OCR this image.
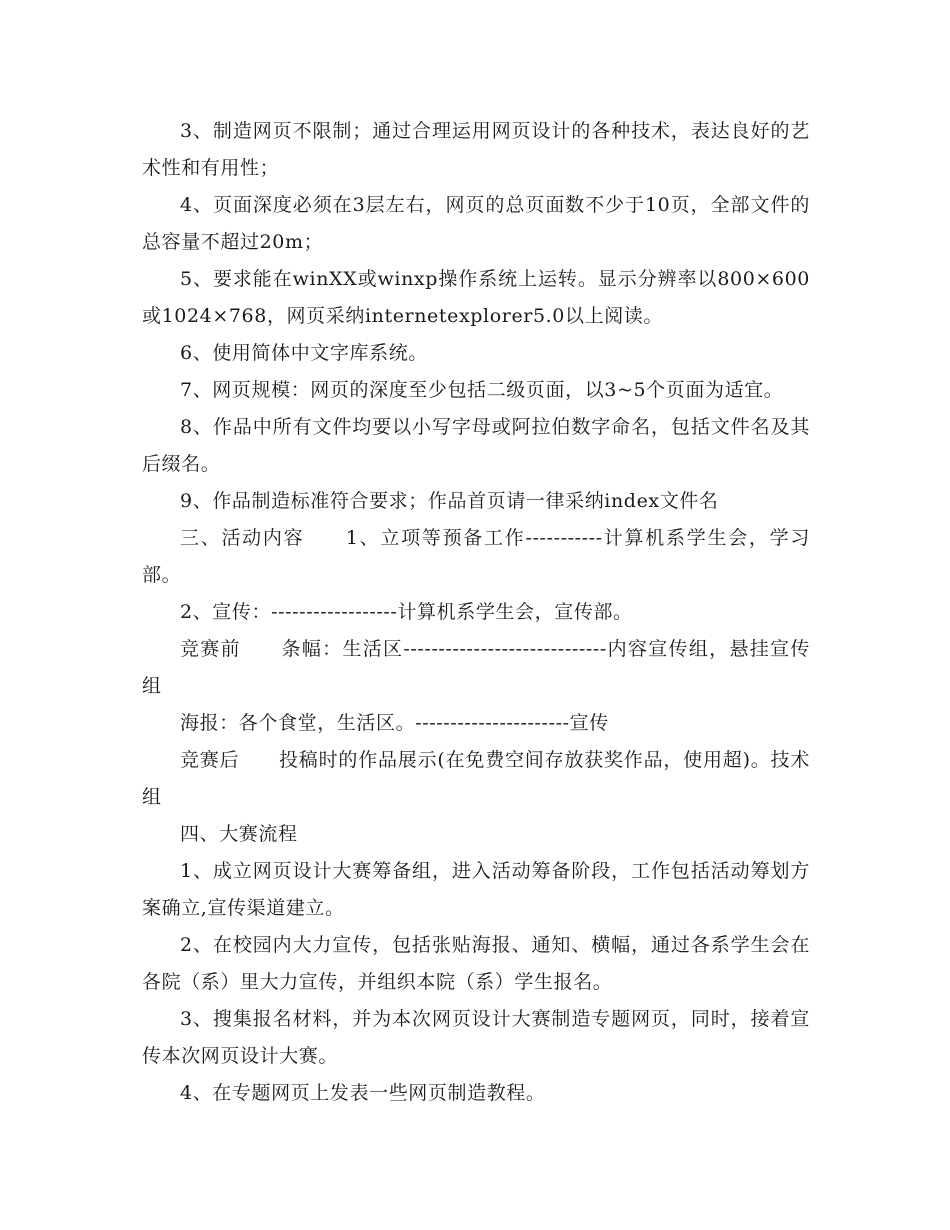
3、制造网页不限制；通过合理运用网页设计的各种技术，表达良好的艺术性和有用性；

4、页面深度必须在3层左右，网页的总页面数不少于10页，全部文件的总容量不超过20m；

5、要求能在winXX或winxp操作系统上运转。显示分辨率以800×600或1024×768，网页采纳internetexplorer5.0以上阅读。

6、使用简体中文字库系统。

7、网页规模：网页的深度至少包括二级页面，以3~5个页面为适宜。

8、作品中所有文件均要以小写字母或阿拉伯数字命名，包括文件名及其后缀名。

9、作品制造标准符合要求；作品首页请一律采纳index文件名

三、活动内容　　1、立项等预备工作-----------计算机系学生会，学习部。

2、宣传：------------------计算机系学生会，宣传部。

竞赛前　　条幅：生活区-----------------------------内容宣传组，悬挂宣传组

海报：各个食堂，生活区。----------------------宣传

竞赛后　　投稿时的作品展示(在免费空间存放获奖作品，使用超)。技术组

四、大赛流程

1、成立网页设计大赛筹备组，进入活动筹备阶段，工作包括活动筹划方案确立,宣传渠道建立。

2、在校园内大力宣传，包括张贴海报、通知、横幅，通过各系学生会在各院（系）里大力宣传，并组织本院（系）学生报名。

3、搜集报名材料，并为本次网页设计大赛制造专题网页，同时，接着宣传本次网页设计大赛。

4、在专题网页上发表一些网页制造教程。
